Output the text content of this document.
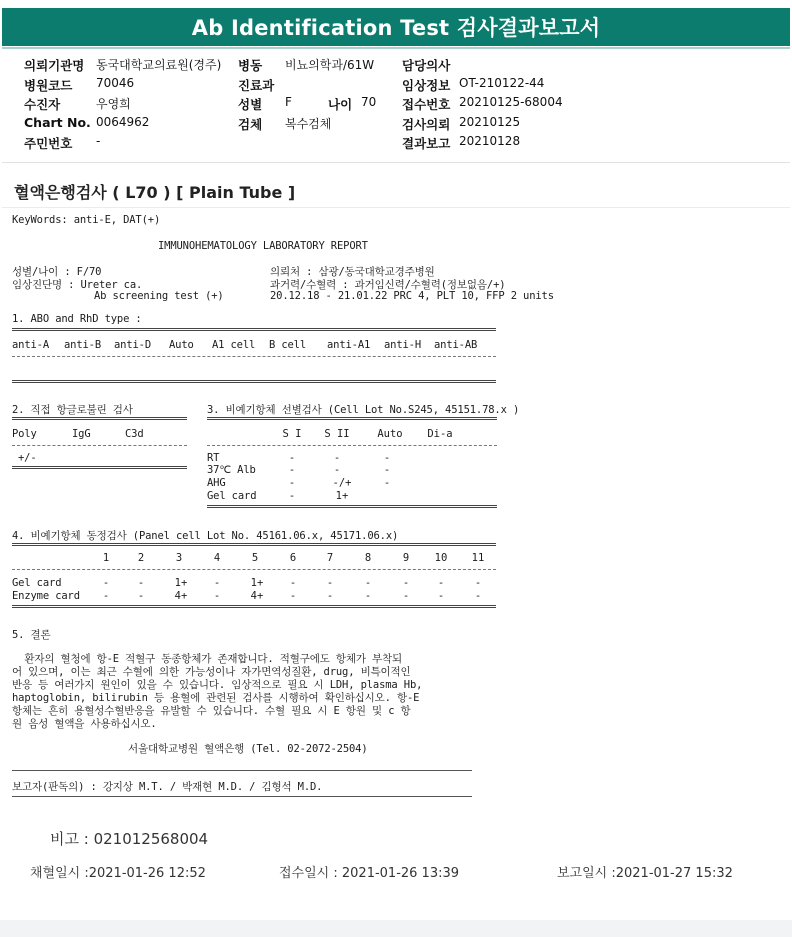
Ab Identification Test 검사결과보고서
의뢰기관명 동국대학교의료원(경주) 병동 비뇨의학과/61W 담당의사
병원코드 70046	진료과	임상정보 OT-210122-44
수진자	우영희	성별 F	나이 70 접수번호 20210125-68004
Chart No. 0064962	검체 복수검체	검사의뢰 20210125
주민번호 -	결과보고 20210128
혈액은행검사 ( L70 ) [ Plain Tube ]
KeyWords: anti-E, DAT(+)
IMMUNOHEMATOLOGY LABORATORY REPORT
성별/나이 : F/70
임상진단명 : Ureter ca.
Ab screening test (+)
의뢰처 : 삼광/동국대학교경주병원
과거력/수혈력 : 과거임신력/수혈력(정보없음/+)
20.12.18 - 21.01.22 PRC 4, PLT 10, FFP 2 units
1. ABO and RhD type :
anti-A anti-B anti-D Auto A1 cell B cell anti-A1 anti-H anti-AB
2. 직접 항글로불린 검사
Poly	IgG	C3d
+/-
3. 비예기항체 선별검사 (Cell Lot No.S245, 45151.78.x )
S I S II	Auto	Di-a
RT	-	-	-
37℃ Alb	-	-	-
AHG	-	-/+	-
Gel card	-	1+
4. 비예기항체 동정검사 (Panel cell Lot No. 45161.06.x, 45171.06.x)
1	2	3	4	5	6	7	8	9	10	11
Gel card	-	-	1+	-	1+	-	-	-	-	-	-
Enzyme card	-	-	4+	-	4+	-	-	-	-	-	-
5. 결론
환자의 혈청에 항-E 적혈구 동종항체가 존재합니다. 적혈구에도 항체가 부착되
어 있으며, 이는 최근 수혈에 의한 가능성이나 자가면역성질환, drug, 비특이적인
반응 등 여러가지 원인이 있을 수 있습니다. 임상적으로 필요 시 LDH, plasma Hb,
haptoglobin, bilirubin 등 용혈에 관련된 검사를 시행하여 확인하십시오. 항-E
항체는 흔히 용혈성수혈반응을 유발할 수 있습니다. 수혈 필요 시 E 항원 및 c 항
원 음성 혈액을 사용하십시오.
서울대학교병원 혈액은행 (Tel. 02-2072-2504)
보고자(판독의) : 강지상 M.T. / 박재현 M.D. / 김형석 M.D.
비고 : 021012568004
채혈일시 :2021-01-26 12:52	접수일시 : 2021-01-26 13:39	보고일시 :2021-01-27 15:32
